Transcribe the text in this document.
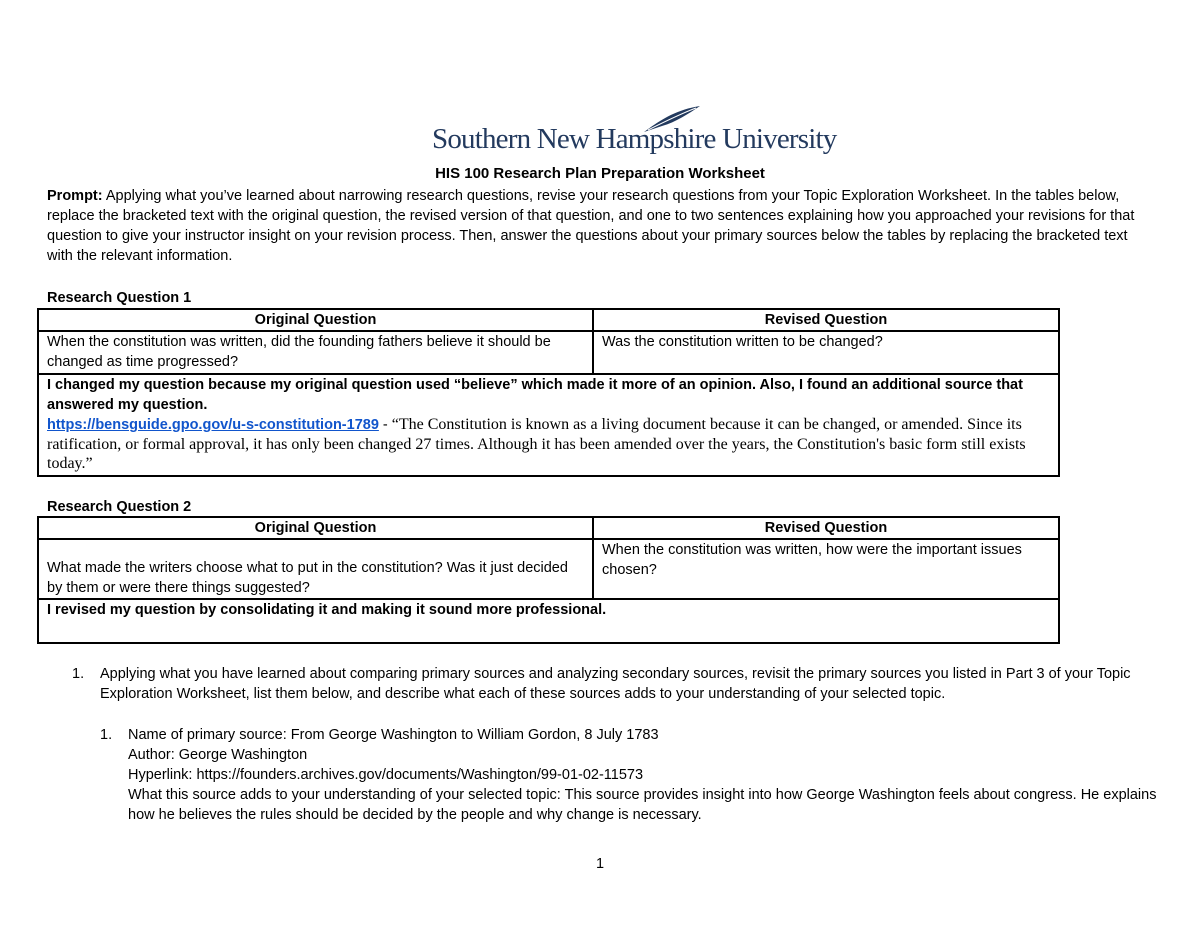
Southern New Hampshire University
HIS 100 Research Plan Preparation Worksheet
Prompt: Applying what you’ve learned about narrowing research questions, revise your research questions from your Topic Exploration Worksheet. In the tables below, replace the bracketed text with the original question, the revised version of that question, and one to two sentences explaining how you approached your revisions for that question to give your instructor insight on your revision process. Then, answer the questions about your primary sources below the tables by replacing the bracketed text with the relevant information.
Research Question 1
Original Question	Revised Question
When the constitution was written, did the founding fathers believe it should be changed as time progressed?	Was the constitution written to be changed?

I changed my question because my original question used “believe” which made it more of an opinion. Also, I found an additional source that answered my question.
https://bensguide.gpo.gov/u-s-constitution-1789 - “The Constitution is known as a living document because it can be changed, or amended. Since its ratification, or formal approval, it has only been changed 27 times. Although it has been amended over the years, the Constitution's basic form still exists today.”	
Research Question 2
Original Question	Revised Question
What made the writers choose what to put in the constitution? Was it just decided by them or were there things suggested?	When the constitution was written, how were the important issues chosen?
I revised my question by consolidating it and making it sound more professional.	
1. Applying what you have learned about comparing primary sources and analyzing secondary sources, revisit the primary sources you listed in Part 3 of your Topic Exploration Worksheet, list them below, and describe what each of these sources adds to your understanding of your selected topic.
1. Name of primary source: From George Washington to William Gordon, 8 July 1783
Author: George Washington
Hyperlink: https://founders.archives.gov/documents/Washington/99-01-02-11573
What this source adds to your understanding of your selected topic: This source provides insight into how George Washington feels about congress. He explains how he believes the rules should be decided by the people and why change is necessary.
1
